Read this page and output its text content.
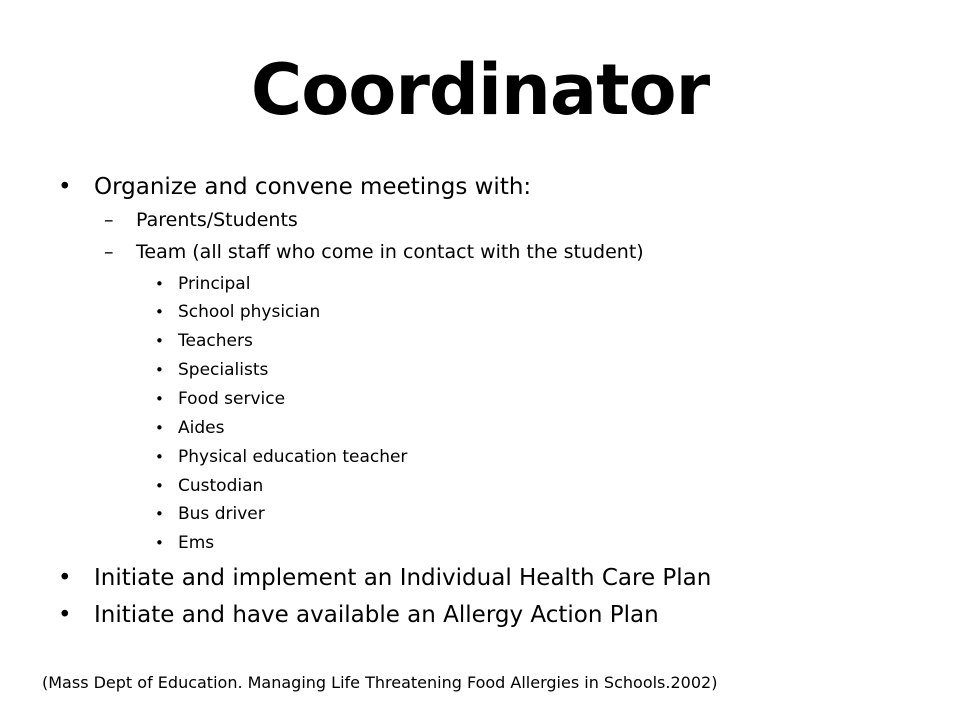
Coordinator
• Organize and convene meetings with:
– Parents/Students
– Team (all staff who come in contact with the student)
• Principal
• School physician
• Teachers
• Specialists
• Food service
• Aides
• Physical education teacher
• Custodian
• Bus driver
• Ems
• Initiate and implement an Individual Health Care Plan
• Initiate and have available an Allergy Action Plan
(Mass Dept of Education. Managing Life Threatening Food Allergies in Schools.2002)
